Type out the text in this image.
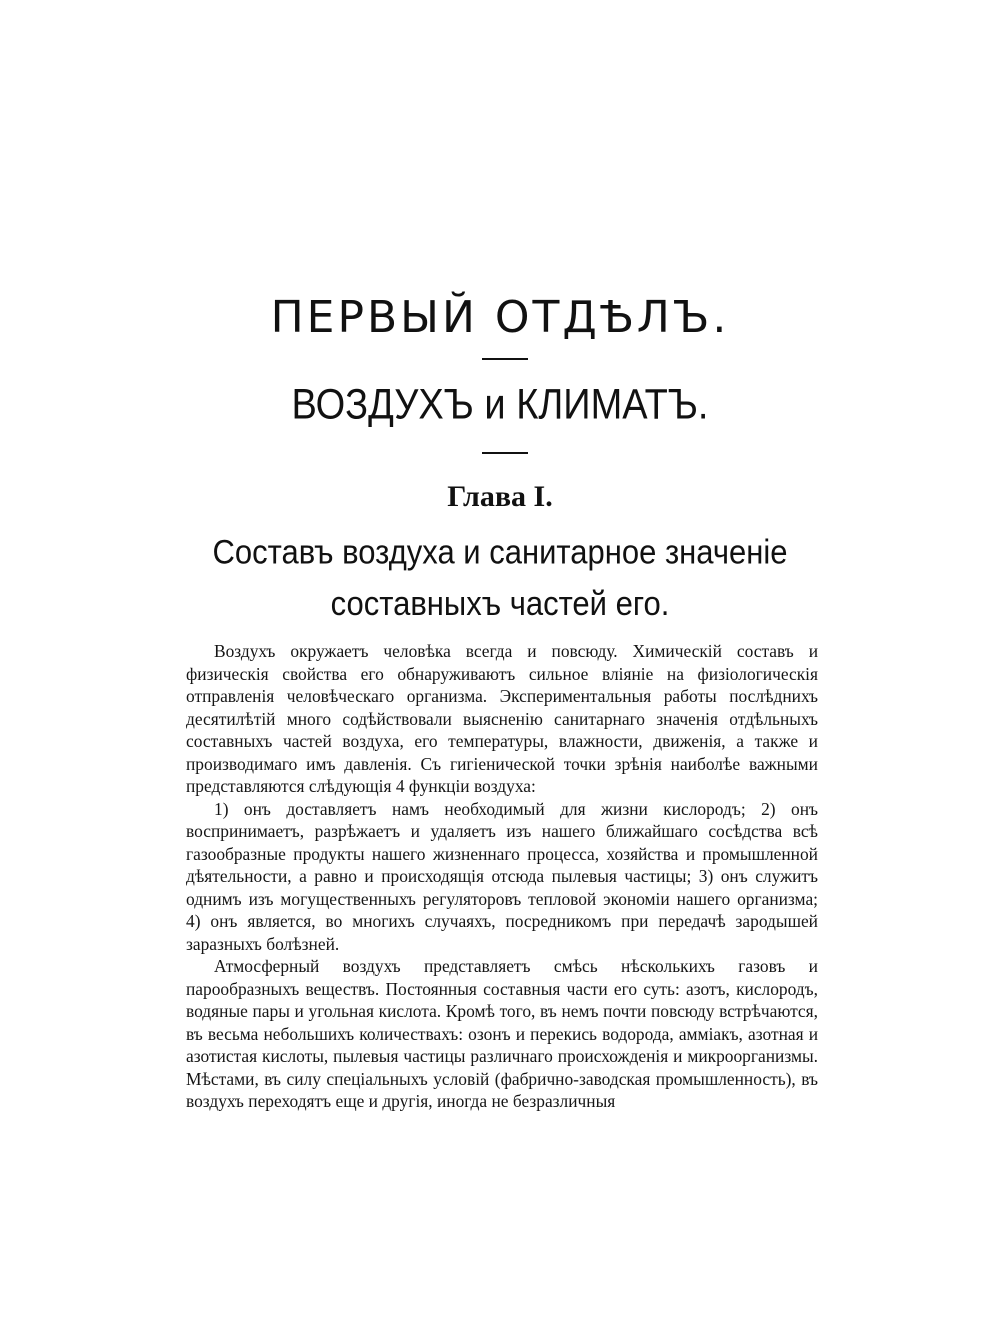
ПЕРВЫЙ ОТДѢЛЪ.
ВОЗДУХЪ и КЛИМАТЪ.
Глава I.
Составъ воздуха и санитарное значенie составныхъ частей его.

Воздухъ окружаетъ человѣка всегда и повсюду. Химическій составъ и физическія свойства его обнаруживаютъ сильное вліяніе на физіологическія отправленія человѣческаго организма. Экспериментальныя работы послѣднихъ десятилѣтій много содѣйствовали выясненію санитарнаго значенія отдѣльныхъ составныхъ частей воздуха, его температуры, влажности, движенія, а также и производимаго имъ давленія. Съ гигіенической точки зрѣнія наиболѣе важными представляются слѣдующія 4 функціи воздуха:

1) онъ доставляетъ намъ необходимый для жизни кислородъ; 2) онъ воспринимаетъ, разрѣжаетъ и удаляетъ изъ нашего ближайшаго сосѣдства всѣ газообразные продукты нашего жизненнаго процесса, хозяйства и промышленной дѣятельности, а равно и происходящія отсюда пылевыя частицы; 3) онъ служитъ однимъ изъ могущественныхъ регуляторовъ тепловой экономіи нашего организма; 4) онъ является, во многихъ случаяхъ, посредникомъ при передачѣ зародышей заразныхъ болѣзней.

Атмосферный воздухъ представляетъ смѣсь нѣсколькихъ газовъ и парообразныхъ веществъ. Постоянныя составныя части его суть: азотъ, кислородъ, водяные пары и угольная кислота. Кромѣ того, въ немъ почти повсюду встрѣчаются, въ весьма небольшихъ количествахъ: озонъ и перекись водорода, аммiакъ, азотная и азотистая кислоты, пылевыя частицы различнаго происхожденія и микроорганизмы. Мѣстами, въ силу спеціальныхъ условій (фабрично-заводская промышленность), въ воздухъ переходятъ еще и другія, иногда не безразличныя
